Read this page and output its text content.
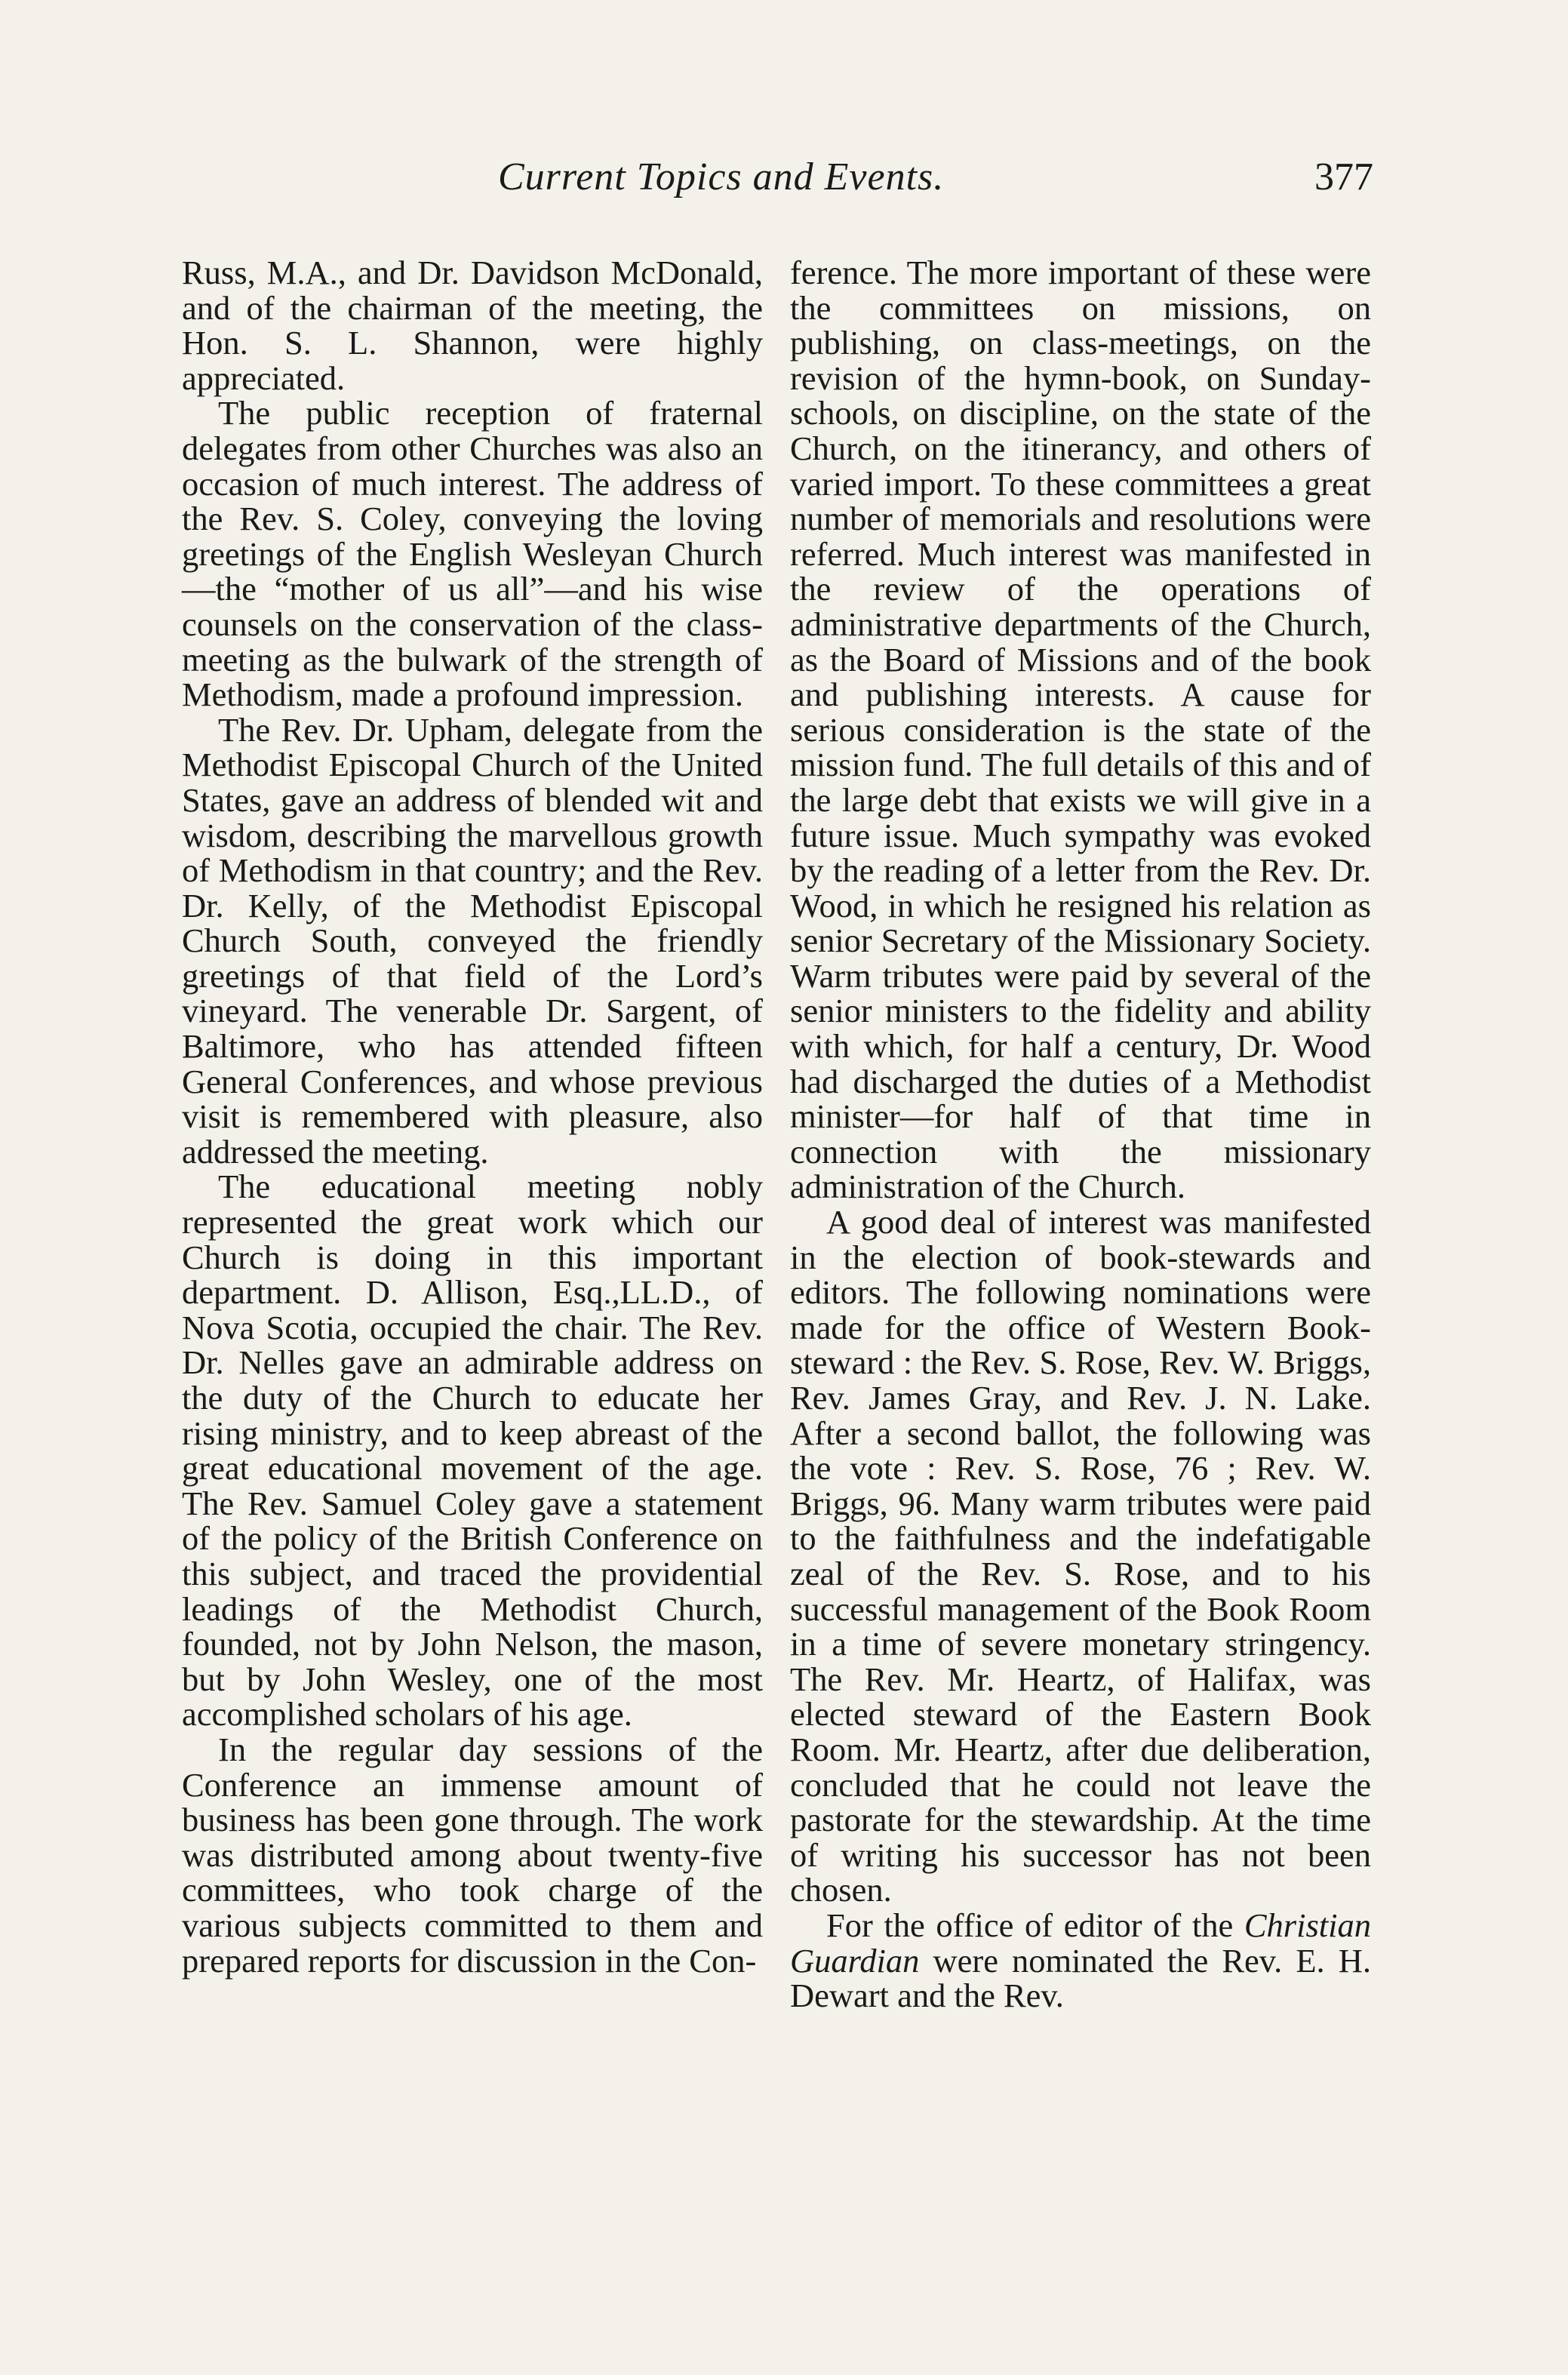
Current Topics and Events.	377

Russ, M.A., and Dr. Davidson McDonald, and of the chairman of the meeting, the Hon. S. L. Shannon, were highly appreciated.

The public reception of fraternal delegates from other Churches was also an occasion of much interest. The address of the Rev. S. Coley, conveying the loving greetings of the English Wesleyan Church—the “mother of us all”—and his wise counsels on the conservation of the class-meeting as the bulwark of the strength of Methodism, made a profound impression.

The Rev. Dr. Upham, delegate from the Methodist Episcopal Church of the United States, gave an address of blended wit and wisdom, describing the marvellous growth of Methodism in that country; and the Rev. Dr. Kelly, of the Methodist Episcopal Church South, conveyed the friendly greetings of that field of the Lord’s vineyard. The venerable Dr. Sargent, of Baltimore, who has attended fifteen General Conferences, and whose previous visit is remembered with pleasure, also addressed the meeting.

The educational meeting nobly represented the great work which our Church is doing in this important department. D. Allison, Esq.,LL.D., of Nova Scotia, occupied the chair. The Rev. Dr. Nelles gave an admirable address on the duty of the Church to educate her rising ministry, and to keep abreast of the great educational movement of the age. The Rev. Samuel Coley gave a statement of the policy of the British Conference on this subject, and traced the providential leadings of the Methodist Church, founded, not by John Nelson, the mason, but by John Wesley, one of the most accomplished scholars of his age.

In the regular day sessions of the Conference an immense amount of business has been gone through. The work was distributed among about twenty-five committees, who took charge of the various subjects committed to them and prepared reports for discussion in the Con-

ference. The more important of these were the committees on missions, on publishing, on class-meetings, on the revision of the hymn-book, on Sunday-schools, on discipline, on the state of the Church, on the itinerancy, and others of varied import. To these committees a great number of memorials and resolutions were referred. Much interest was manifested in the review of the operations of administrative departments of the Church, as the Board of Missions and of the book and publishing interests. A cause for serious consideration is the state of the mission fund. The full details of this and of the large debt that exists we will give in a future issue. Much sympathy was evoked by the reading of a letter from the Rev. Dr. Wood, in which he resigned his relation as senior Secretary of the Missionary Society. Warm tributes were paid by several of the senior ministers to the fidelity and ability with which, for half a century, Dr. Wood had discharged the duties of a Methodist minister—for half of that time in connection with the missionary administration of the Church.

A good deal of interest was manifested in the election of book-stewards and editors. The following nominations were made for the office of Western Book-steward : the Rev. S. Rose, Rev. W. Briggs, Rev. James Gray, and Rev. J. N. Lake. After a second ballot, the following was the vote : Rev. S. Rose, 76 ; Rev. W. Briggs, 96. Many warm tributes were paid to the faithfulness and the indefatigable zeal of the Rev. S. Rose, and to his successful management of the Book Room in a time of severe monetary stringency. The Rev. Mr. Heartz, of Halifax, was elected steward of the Eastern Book Room. Mr. Heartz, after due deliberation, concluded that he could not leave the pastorate for the stewardship. At the time of writing his successor has not been chosen.

For the office of editor of the Christian Guardian were nominated the Rev. E. H. Dewart and the Rev.
